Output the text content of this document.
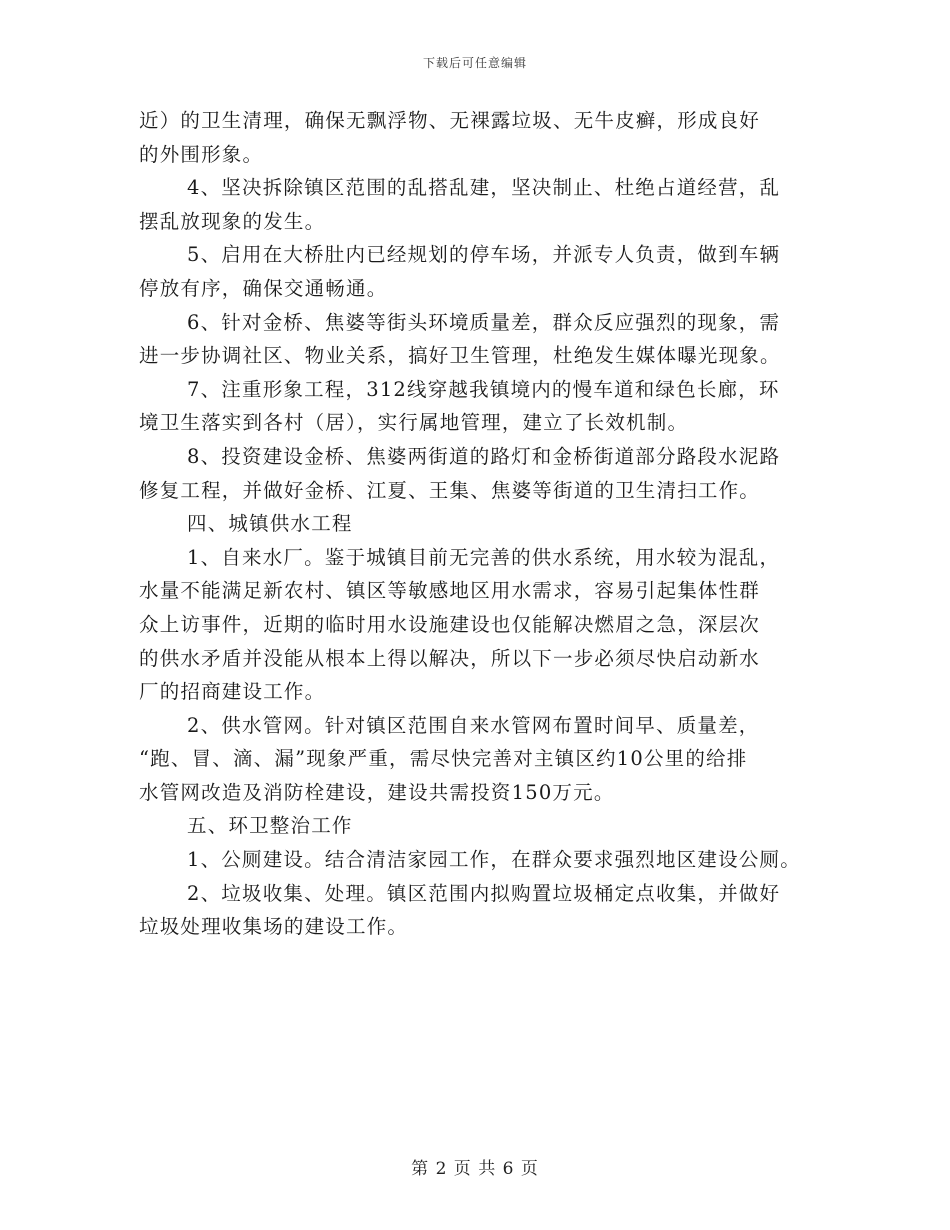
下载后可任意编辑
近）的卫生清理，确保无飘浮物、无裸露垃圾、无牛皮癣，形成良好
的外围形象。
4、坚决拆除镇区范围的乱搭乱建，坚决制止、杜绝占道经营，乱
摆乱放现象的发生。
5、启用在大桥肚内已经规划的停车场，并派专人负责，做到车辆
停放有序，确保交通畅通。
6、针对金桥、焦婆等街头环境质量差，群众反应强烈的现象，需
进一步协调社区、物业关系，搞好卫生管理，杜绝发生媒体曝光现象。
7、注重形象工程，312线穿越我镇境内的慢车道和绿色长廊，环
境卫生落实到各村（居），实行属地管理，建立了长效机制。
8、投资建设金桥、焦婆两街道的路灯和金桥街道部分路段水泥路
修复工程，并做好金桥、江夏、王集、焦婆等街道的卫生清扫工作。
四、城镇供水工程
1、自来水厂。鉴于城镇目前无完善的供水系统，用水较为混乱，
水量不能满足新农村、镇区等敏感地区用水需求，容易引起集体性群
众上访事件，近期的临时用水设施建设也仅能解决燃眉之急，深层次
的供水矛盾并没能从根本上得以解决，所以下一步必须尽快启动新水
厂的招商建设工作。
2、供水管网。针对镇区范围自来水管网布置时间早、质量差，
“跑、冒、滴、漏”现象严重，需尽快完善对主镇区约10公里的给排
水管网改造及消防栓建设，建设共需投资150万元。
五、环卫整治工作
1、公厕建设。结合清洁家园工作，在群众要求强烈地区建设公厕。
2、垃圾收集、处理。镇区范围内拟购置垃圾桶定点收集，并做好
垃圾处理收集场的建设工作。
第 2 页 共 6 页
